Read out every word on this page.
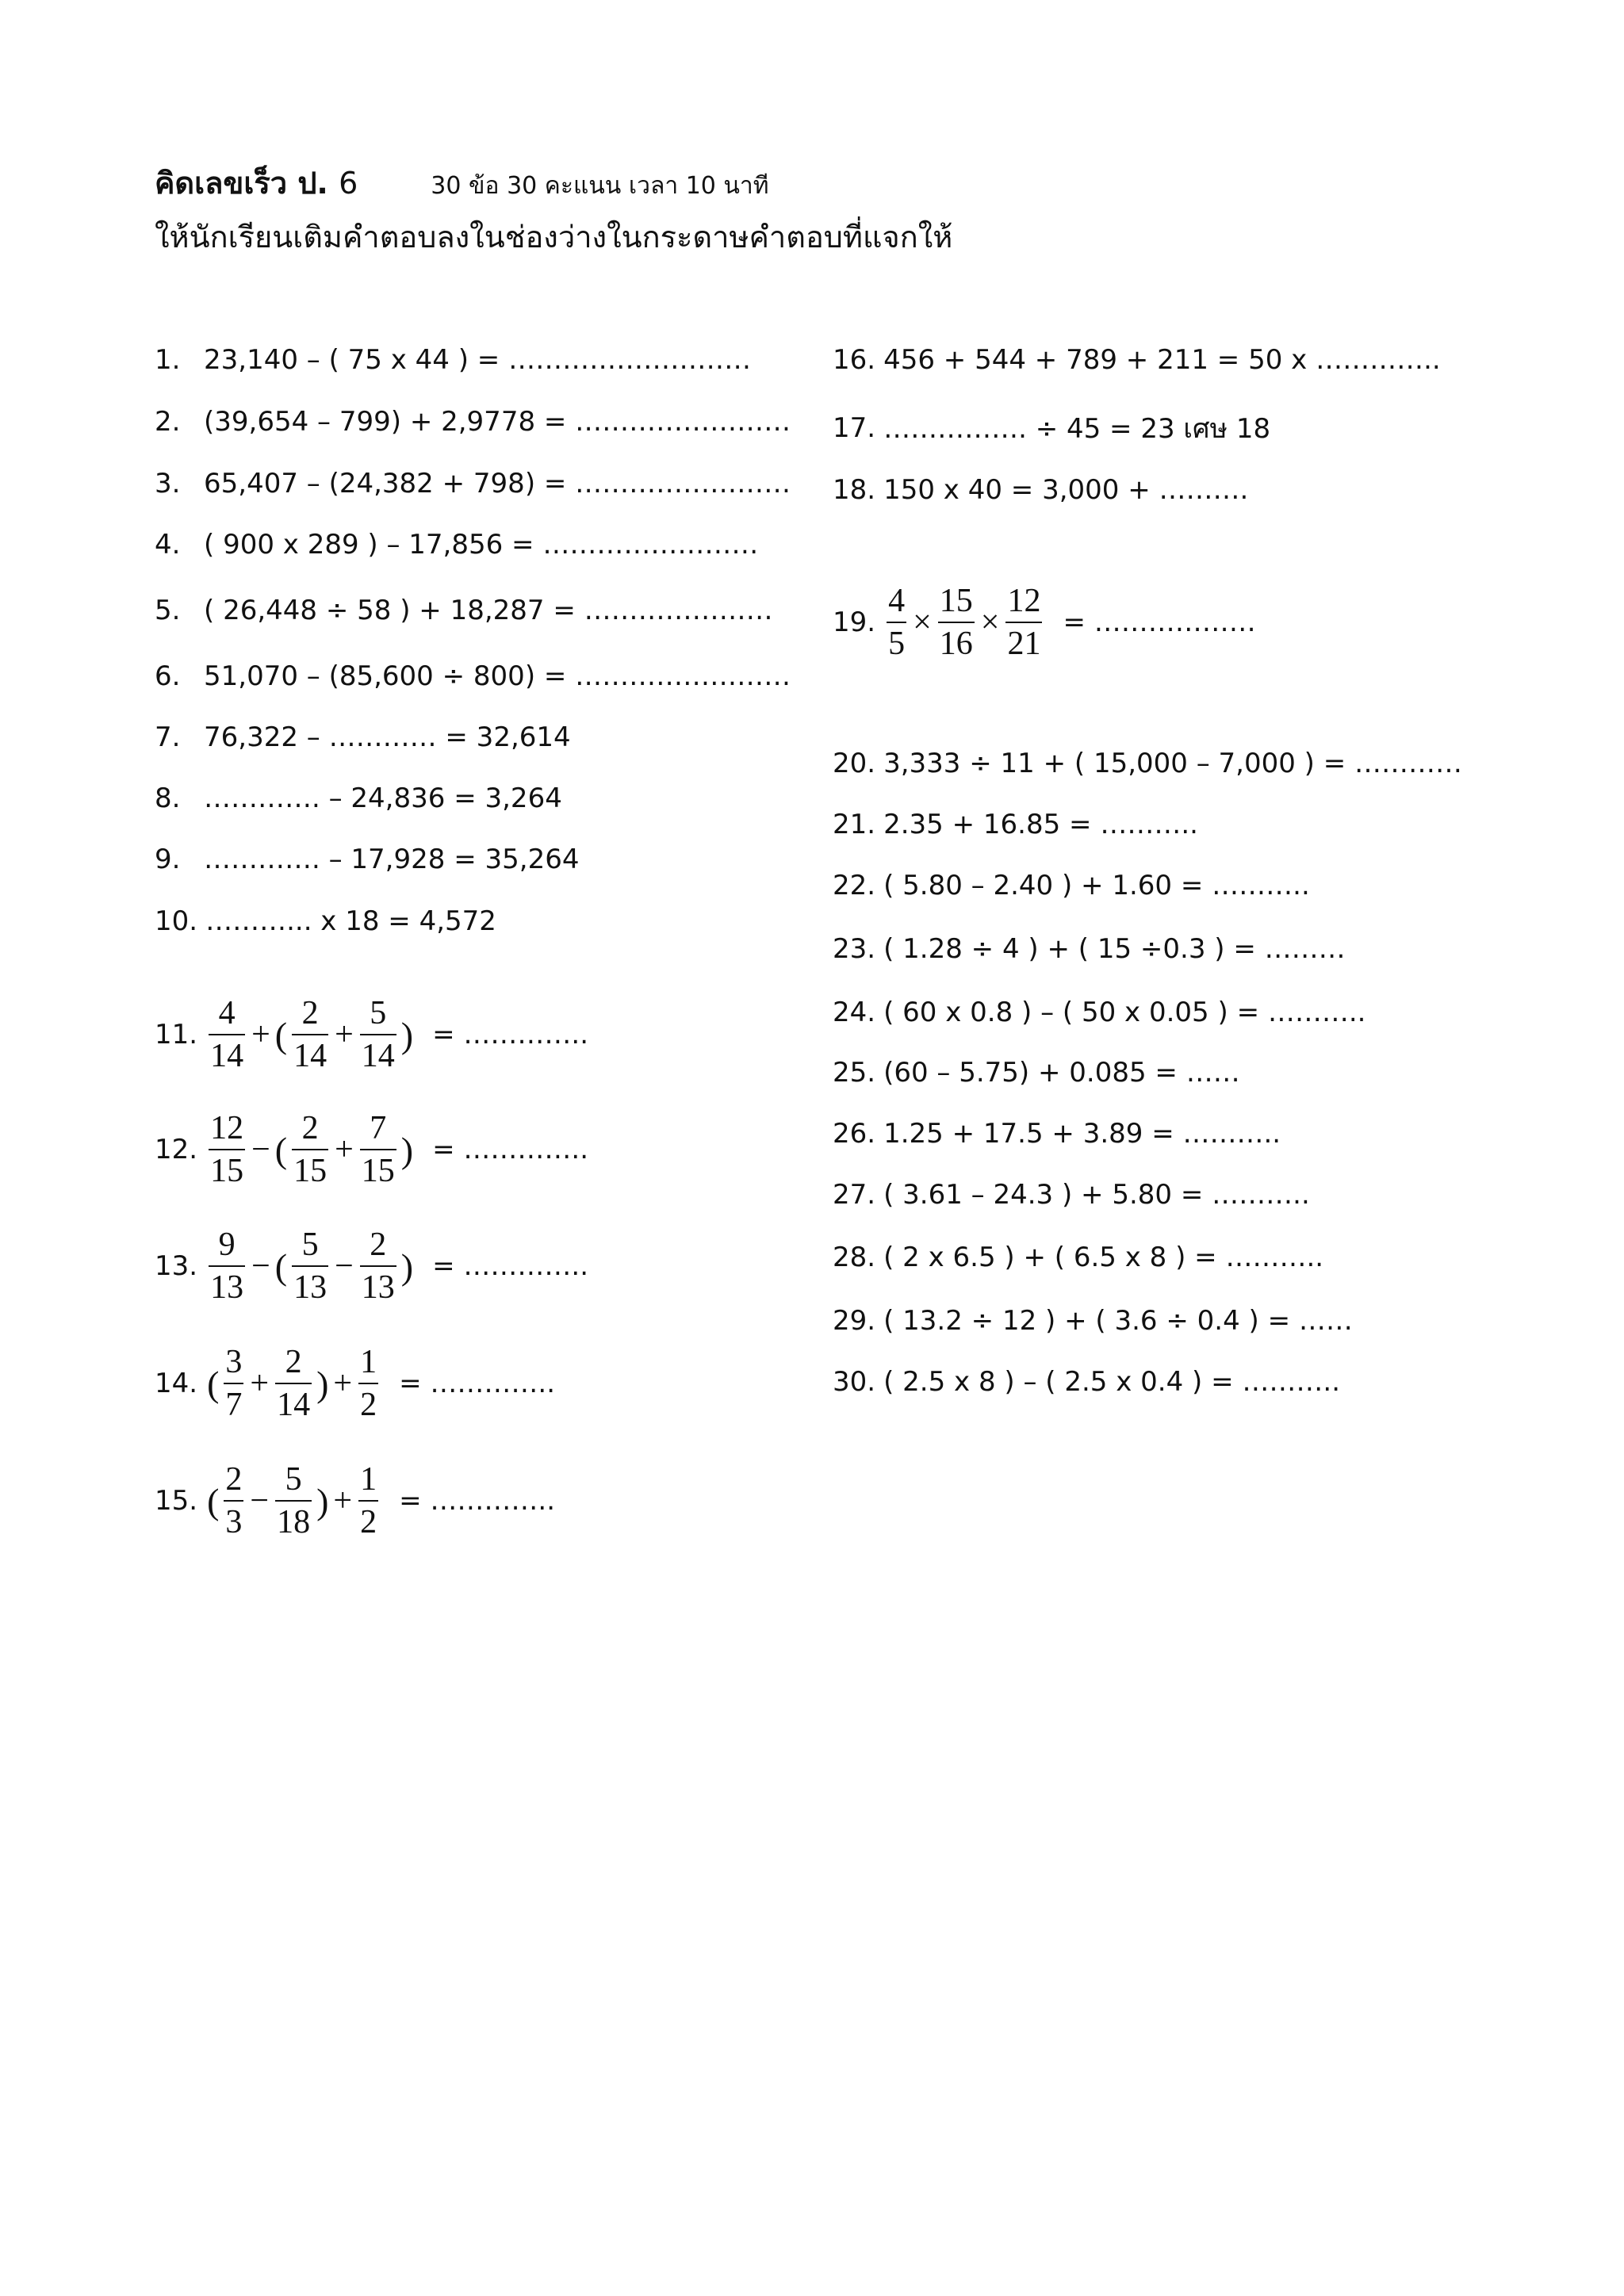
คิดเลขเร็ว ป. 6	30 ข้อ 30 คะแนน เวลา 10 นาที
ให้นักเรียนเติมคำตอบลงในช่องว่างในกระดาษคำตอบที่แจกให้
1. 23,140 – ( 75 x 44 ) = ………………………
2. (39,654 – 799) + 2,9778 = ……………………
3. 65,407 – (24,382 + 798) = ……………………
4. ( 900 x 289 ) – 17,856 = ……………………
5. ( 26,448 ÷ 58 ) + 18,287 = …………………
6. 51,070 – (85,600 ÷ 800) = ……………………
7. 76,322 – ………… = 32,614
8. …………. – 24,836 = 3,264
9. …………. – 17,928 = 35,264
10. ………... x 18 = 4,572
11. $\frac{4}{14}$ + ( $\frac{2}{14} + \frac{5}{14}$ ) = …………..
12. $\frac{12}{15}$ − ( $\frac{2}{15} + \frac{7}{15}$ ) = …………..
13. $\frac{9}{13}$ − ( $\frac{5}{13} - \frac{2}{13}$ ) = …………..
14. ( $\frac{3}{7} + \frac{2}{14}$ ) + $\frac{1}{2}$ = …………..
15. ( $\frac{2}{3} - \frac{5}{18}$ ) + $\frac{1}{2}$ = …………..
16. 456 + 544 + 789 + 211 = 50 x …………..
17. ……………. ÷ 45 = 23 เศษ 18
18. 150 x 40 = 3,000 + ……….
19. $\frac{4}{5} \times \frac{15}{16} \times \frac{12}{21}$ = ………………
20. 3,333 ÷ 11 + ( 15,000 – 7,000 ) = …………
21. 2.35 + 16.85 = ………..
22. ( 5.80 – 2.40 ) + 1.60 = ………..
23. ( 1.28 ÷ 4 ) + ( 15 ÷0.3 ) = ………
24. ( 60 x 0.8 ) – ( 50 x 0.05 ) = ………..
25. (60 – 5.75) + 0.085 = ……
26. 1.25 + 17.5 + 3.89 = ………..
27. ( 3.61 – 24.3 ) + 5.80 = ………..
28. ( 2 x 6.5 ) + ( 6.5 x 8 ) = ………..
29. ( 13.2 ÷ 12 ) + ( 3.6 ÷ 0.4 ) = ……
30. ( 2.5 x 8 ) – ( 2.5 x 0.4 ) = ………..
